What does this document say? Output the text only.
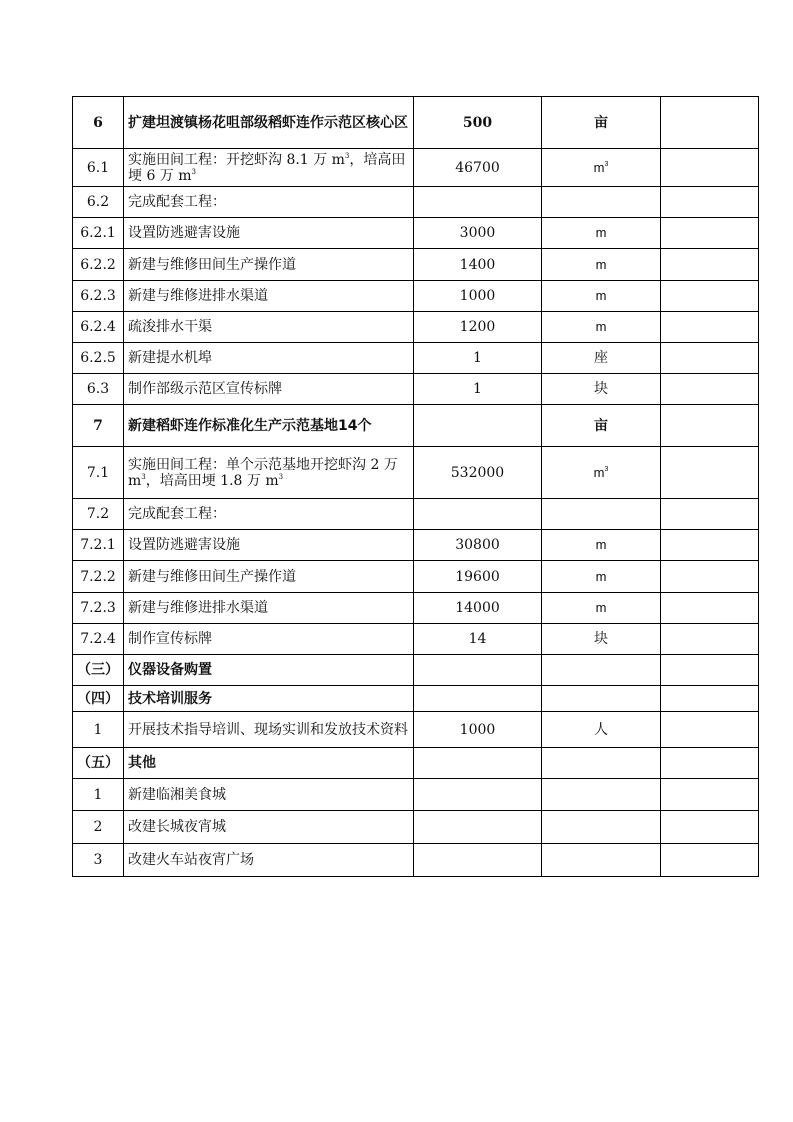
6	扩建坦渡镇杨花咀部级稻虾连作示范区核心区	500	亩	
6.1	实施田间工程：开挖虾沟 8.1 万 $m^3$，培高田埂 6 万 $m^3$	46700	$m^3$	
6.2	完成配套工程：			
6.2.1	设置防逃避害设施	3000	m	
6.2.2	新建与维修田间生产操作道	1400	m	
6.2.3	新建与维修进排水渠道	1000	m	
6.2.4	疏浚排水干渠	1200	m	
6.2.5	新建提水机埠	1	座	
6.3	制作部级示范区宣传标牌	1	块	
7	新建稻虾连作标准化生产示范基地14个		亩	
7.1	实施田间工程：单个示范基地开挖虾沟 2 万 $m^3$，培高田埂 1.8 万 $m^3$	532000	$m^3$	
7.2	完成配套工程：			
7.2.1	设置防逃避害设施	30800	m	
7.2.2	新建与维修田间生产操作道	19600	m	
7.2.3	新建与维修进排水渠道	14000	m	
7.2.4	制作宣传标牌	14	块	
（三）	仪器设备购置			
（四）	技术培训服务			
1	开展技术指导培训、现场实训和发放技术资料	1000	人	
（五）	其他			
1	新建临湘美食城			
2	改建长城夜宵城			
3	改建火车站夜宵广场			
